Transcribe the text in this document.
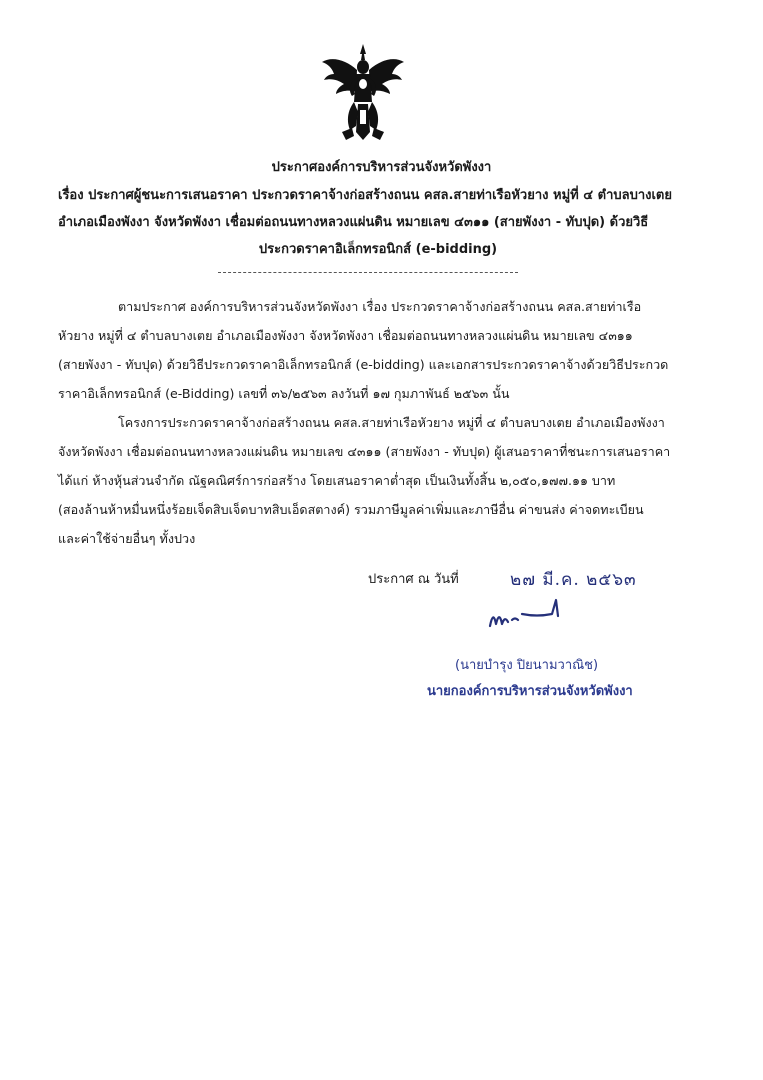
ประกาศองค์การบริหารส่วนจังหวัดพังงา
เรื่อง ประกาศผู้ชนะการเสนอราคา ประกวดราคาจ้างก่อสร้างถนน คสล.สายท่าเรือหัวยาง หมู่ที่ ๔ ตำบลบางเตย
อำเภอเมืองพังงา จังหวัดพังงา เชื่อมต่อถนนทางหลวงแผ่นดิน หมายเลข ๔๓๑๑ (สายพังงา - ทับปุด) ด้วยวิธี
ประกวดราคาอิเล็กทรอนิกส์ (e-bidding)
ตามประกาศ องค์การบริหารส่วนจังหวัดพังงา เรื่อง ประกวดราคาจ้างก่อสร้างถนน คสล.สายท่าเรือ
หัวยาง หมู่ที่ ๔ ตำบลบางเตย อำเภอเมืองพังงา จังหวัดพังงา เชื่อมต่อถนนทางหลวงแผ่นดิน หมายเลข ๔๓๑๑
(สายพังงา - ทับปุด) ด้วยวิธีประกวดราคาอิเล็กทรอนิกส์ (e-bidding) และเอกสารประกวดราคาจ้างด้วยวิธีประกวด
ราคาอิเล็กทรอนิกส์ (e-Bidding) เลขที่ ๓๖/๒๕๖๓ ลงวันที่ ๑๗ กุมภาพันธ์ ๒๕๖๓ นั้น
โครงการประกวดราคาจ้างก่อสร้างถนน คสล.สายท่าเรือหัวยาง หมู่ที่ ๔ ตำบลบางเตย อำเภอเมืองพังงา
จังหวัดพังงา เชื่อมต่อถนนทางหลวงแผ่นดิน หมายเลข ๔๓๑๑ (สายพังงา - ทับปุด) ผู้เสนอราคาที่ชนะการเสนอราคา
ได้แก่ ห้างหุ้นส่วนจำกัด ณัฐคณิศร์การก่อสร้าง โดยเสนอราคาต่ำสุด เป็นเงินทั้งสิ้น ๒,๐๕๐,๑๗๗.๑๑ บาท
(สองล้านห้าหมื่นหนึ่งร้อยเจ็ดสิบเจ็ดบาทสิบเอ็ดสตางค์) รวมภาษีมูลค่าเพิ่มและภาษีอื่น ค่าขนส่ง ค่าจดทะเบียน
และค่าใช้จ่ายอื่นๆ ทั้งปวง
ประกาศ ณ วันที่	๒๗ มี.ค. ๒๕๖๓
(นายบำรุง ปิยนามวาณิช)
นายกองค์การบริหารส่วนจังหวัดพังงา
